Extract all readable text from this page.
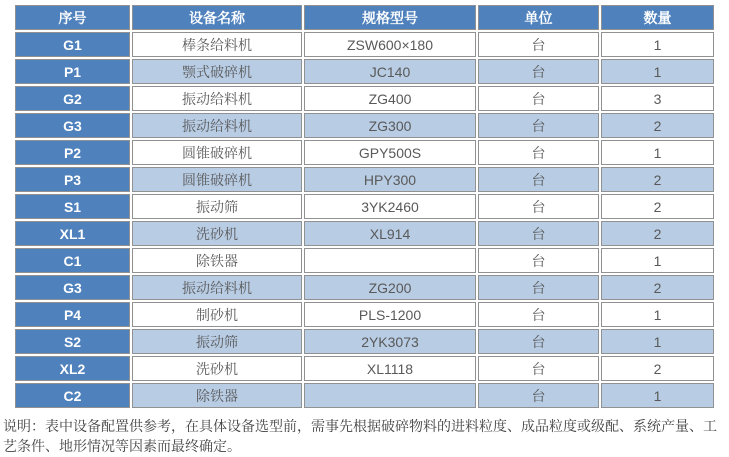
序号	设备名称	规格型号	单位	数量
G1	棒条给料机	ZSW600×180	台	1
P1	颚式破碎机	JC140	台	1
G2	振动给料机	ZG400	台	3
G3	振动给料机	ZG300	台	2
P2	圆锥破碎机	GPY500S	台	1
P3	圆锥破碎机	HPY300	台	2
S1	振动筛	3YK2460	台	2
XL1	洗砂机	XL914	台	2
C1	除铁器		台	1
G3	振动给料机	ZG200	台	2
P4	制砂机	PLS-1200	台	1
S2	振动筛	2YK3073	台	1
XL2	洗砂机	XL1118	台	2
C2	除铁器		台	1
说明：表中设备配置供参考，在具体设备选型前，需事先根据破碎物料的进料粒度、成品粒度或级配、系统产量、工艺条件、地形情况等因素而最终确定。
